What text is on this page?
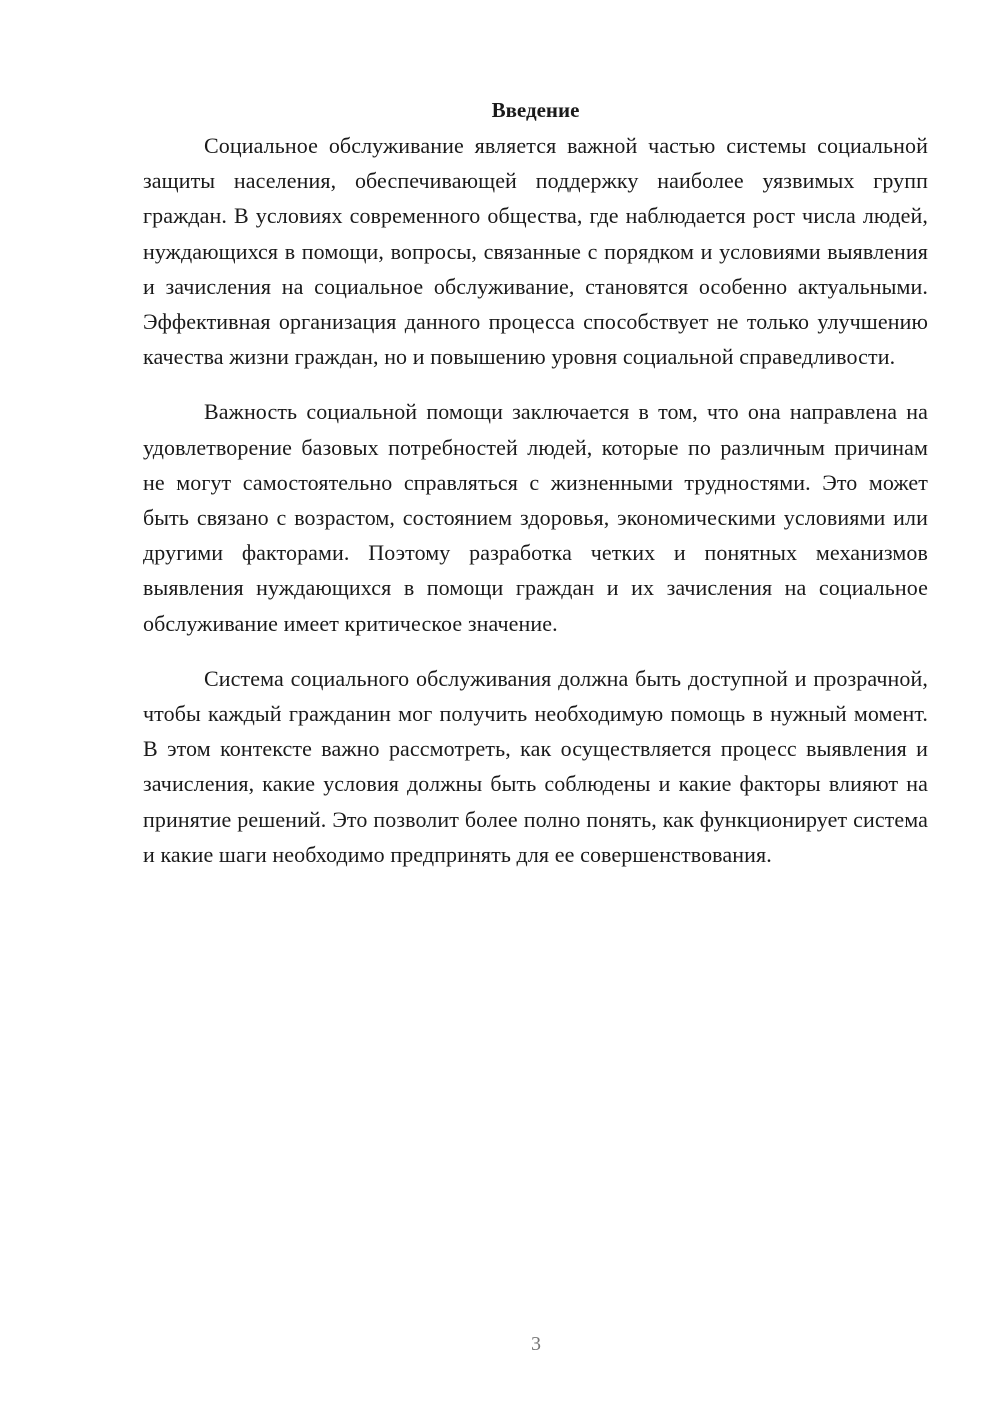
Введение

Социальное обслуживание является важной частью системы социальной защиты населения, обеспечивающей поддержку наиболее уязвимых групп граждан. В условиях современного общества, где наблюдается рост числа людей, нуждающихся в помощи, вопросы, связанные с порядком и условиями выявления и зачисления на социальное обслуживание, становятся особенно актуальными. Эффективная организация данного процесса способствует не только улучшению качества жизни граждан, но и повышению уровня социальной справедливости.

Важность социальной помощи заключается в том, что она направлена на удовлетворение базовых потребностей людей, которые по различным причинам не могут самостоятельно справляться с жизненными трудностями. Это может быть связано с возрастом, состоянием здоровья, экономическими условиями или другими факторами. Поэтому разработка четких и понятных механизмов выявления нуждающихся в помощи граждан и их зачисления на социальное обслуживание имеет критическое значение.

Система социального обслуживания должна быть доступной и прозрачной, чтобы каждый гражданин мог получить необходимую помощь в нужный момент. В этом контексте важно рассмотреть, как осуществляется процесс выявления и зачисления, какие условия должны быть соблюдены и какие факторы влияют на принятие решений. Это позволит более полно понять, как функционирует система и какие шаги необходимо предпринять для ее совершенствования.

3
